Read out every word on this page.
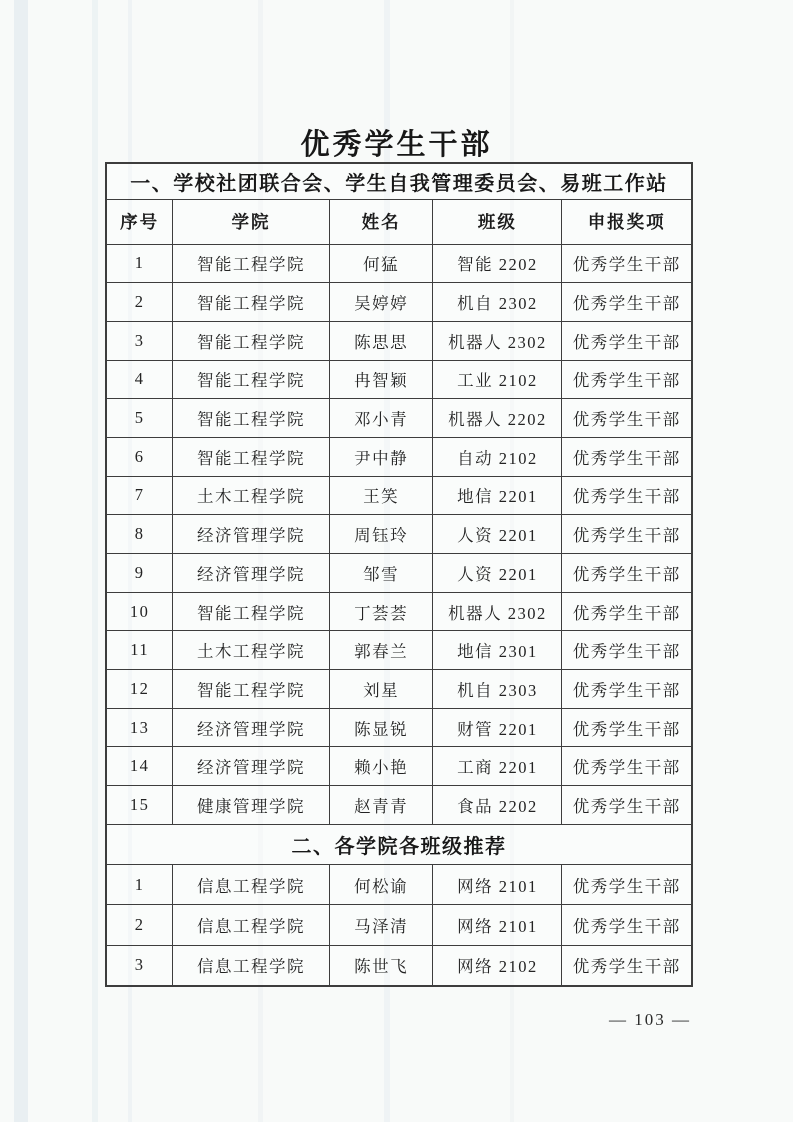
优秀学生干部
一、学校社团联合会、学生自我管理委员会、易班工作站				
序号	学院	姓名	班级	申报奖项
1	智能工程学院	何猛	智能 2202	优秀学生干部
2	智能工程学院	吴婷婷	机自 2302	优秀学生干部
3	智能工程学院	陈思思	机器人 2302	优秀学生干部
4	智能工程学院	冉智颖	工业 2102	优秀学生干部
5	智能工程学院	邓小青	机器人 2202	优秀学生干部
6	智能工程学院	尹中静	自动 2102	优秀学生干部
7	土木工程学院	王笑	地信 2201	优秀学生干部
8	经济管理学院	周钰玲	人资 2201	优秀学生干部
9	经济管理学院	邹雪	人资 2201	优秀学生干部
10	智能工程学院	丁荟荟	机器人 2302	优秀学生干部
11	土木工程学院	郭春兰	地信 2301	优秀学生干部
12	智能工程学院	刘星	机自 2303	优秀学生干部
13	经济管理学院	陈显锐	财管 2201	优秀学生干部
14	经济管理学院	赖小艳	工商 2201	优秀学生干部
15	健康管理学院	赵青青	食品 2202	优秀学生干部
二、各学院各班级推荐				
1	信息工程学院	何松谕	网络 2101	优秀学生干部
2	信息工程学院	马泽清	网络 2101	优秀学生干部
3	信息工程学院	陈世飞	网络 2102	优秀学生干部
— 103 —
